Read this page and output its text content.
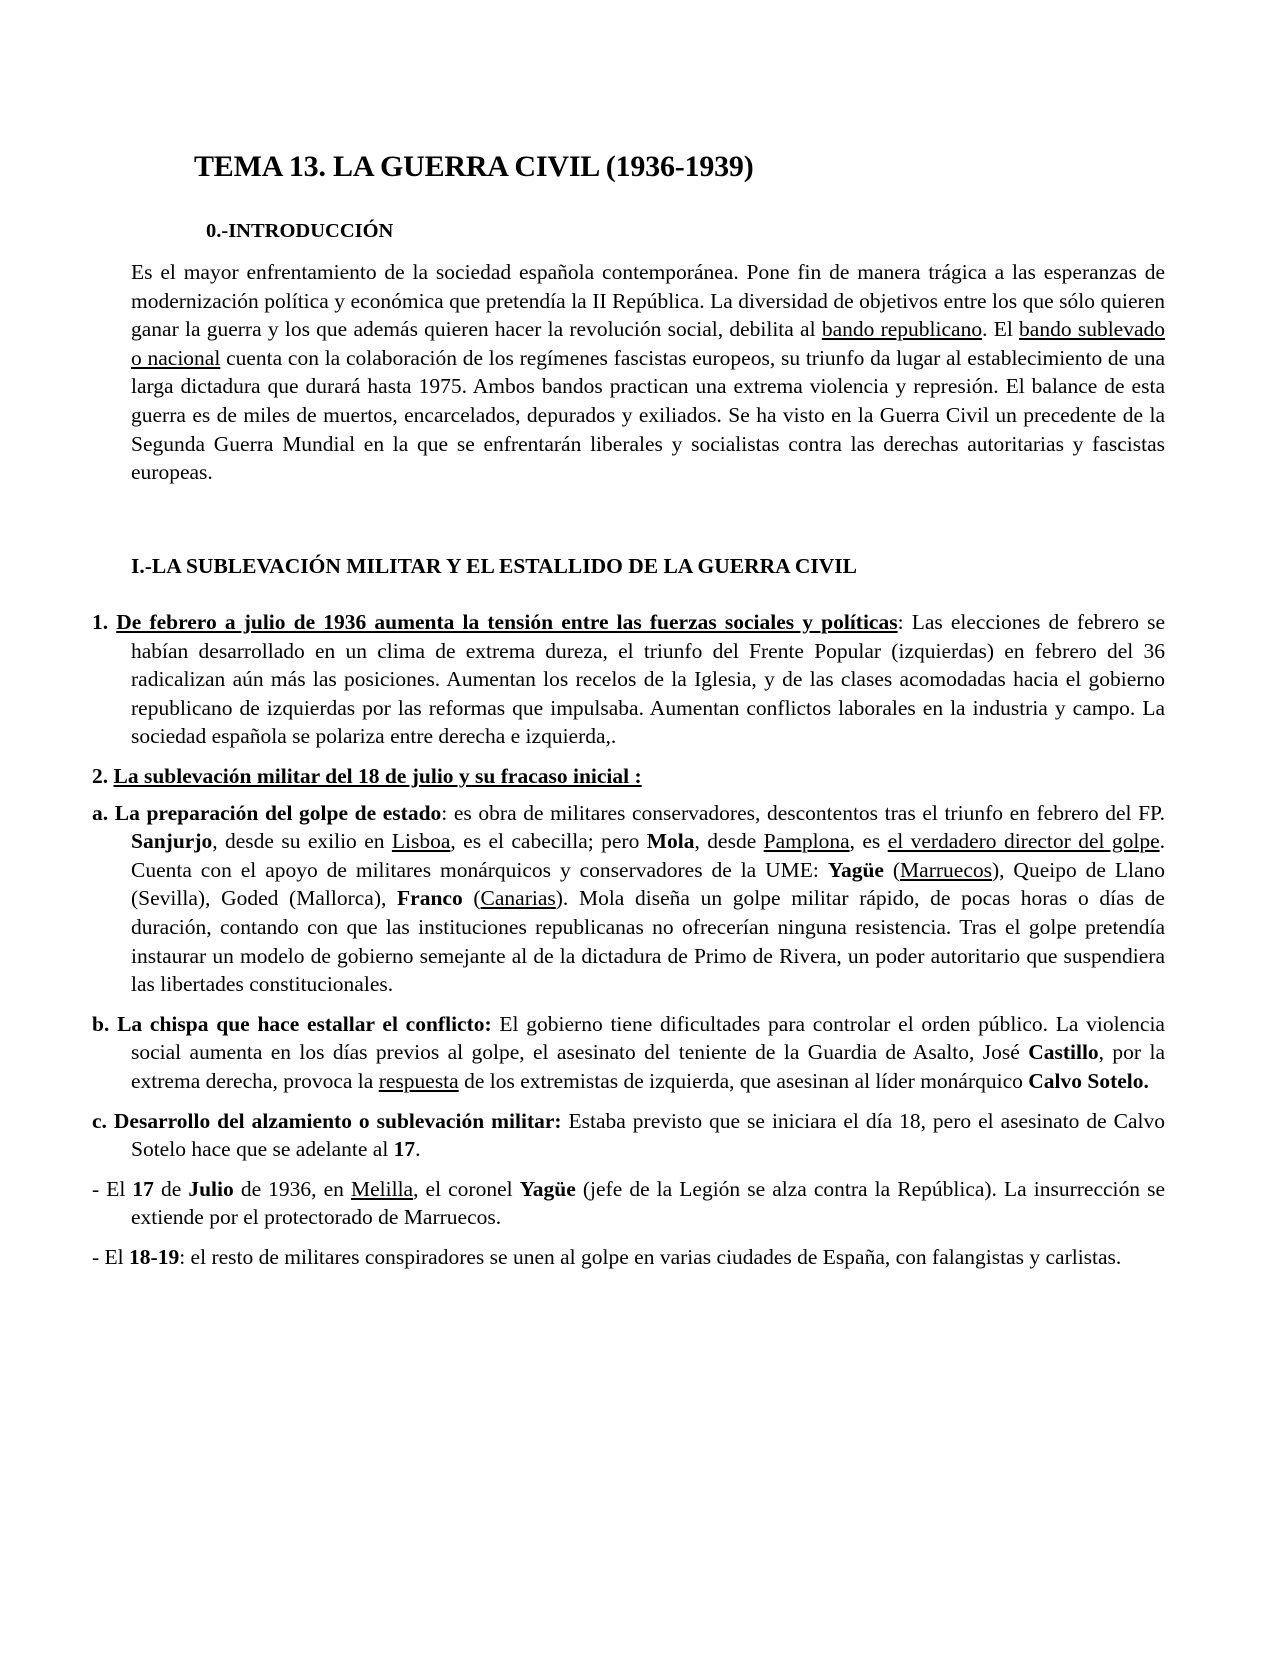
TEMA 13. LA GUERRA CIVIL (1936-1939)
0.-INTRODUCCIÓN

Es el mayor enfrentamiento de la sociedad española contemporánea. Pone fin de manera trágica a las esperanzas de modernización política y económica que pretendía la II República. La diversidad de objetivos entre los que sólo quieren ganar la guerra y los que además quieren hacer la revolución social, debilita al bando republicano. El bando sublevado o nacional cuenta con la colaboración de los regímenes fascistas europeos, su triunfo da lugar al establecimiento de una larga dictadura que durará hasta 1975. Ambos bandos practican una extrema violencia y represión. El balance de esta guerra es de miles de muertos, encarcelados, depurados y exiliados. Se ha visto en la Guerra Civil un precedente de la Segunda Guerra Mundial en la que se enfrentarán liberales y socialistas contra las derechas autoritarias y fascistas europeas.

I.-LA SUBLEVACIÓN MILITAR Y EL ESTALLIDO DE LA GUERRA CIVIL

1. De febrero a julio de 1936 aumenta la tensión entre las fuerzas sociales y políticas: Las elecciones de febrero se habían desarrollado en un clima de extrema dureza, el triunfo del Frente Popular (izquierdas) en febrero del 36 radicalizan aún más las posiciones. Aumentan los recelos de la Iglesia, y de las clases acomodadas hacia el gobierno republicano de izquierdas por las reformas que impulsaba. Aumentan conflictos laborales en la industria y campo. La sociedad española se polariza entre derecha e izquierda,.

2. La sublevación militar del 18 de julio y su fracaso inicial :

a. La preparación del golpe de estado: es obra de militares conservadores, descontentos tras el triunfo en febrero del FP. Sanjurjo, desde su exilio en Lisboa, es el cabecilla; pero Mola, desde Pamplona, es el verdadero director del golpe. Cuenta con el apoyo de militares monárquicos y conservadores de la UME: Yagüe (Marruecos), Queipo de Llano (Sevilla), Goded (Mallorca), Franco (Canarias). Mola diseña un golpe militar rápido, de pocas horas o días de duración, contando con que las instituciones republicanas no ofrecerían ninguna resistencia. Tras el golpe pretendía instaurar un modelo de gobierno semejante al de la dictadura de Primo de Rivera, un poder autoritario que suspendiera las libertades constitucionales.

b. La chispa que hace estallar el conflicto: El gobierno tiene dificultades para controlar el orden público. La violencia social aumenta en los días previos al golpe, el asesinato del teniente de la Guardia de Asalto, José Castillo, por la extrema derecha, provoca la respuesta de los extremistas de izquierda, que asesinan al líder monárquico Calvo Sotelo.

c. Desarrollo del alzamiento o sublevación militar: Estaba previsto que se iniciara el día 18, pero el asesinato de Calvo Sotelo hace que se adelante al 17.

- El 17 de Julio de 1936, en Melilla, el coronel Yagüe (jefe de la Legión se alza contra la República). La insurrección se extiende por el protectorado de Marruecos.

- El 18-19: el resto de militares conspiradores se unen al golpe en varias ciudades de España, con falangistas y carlistas.
